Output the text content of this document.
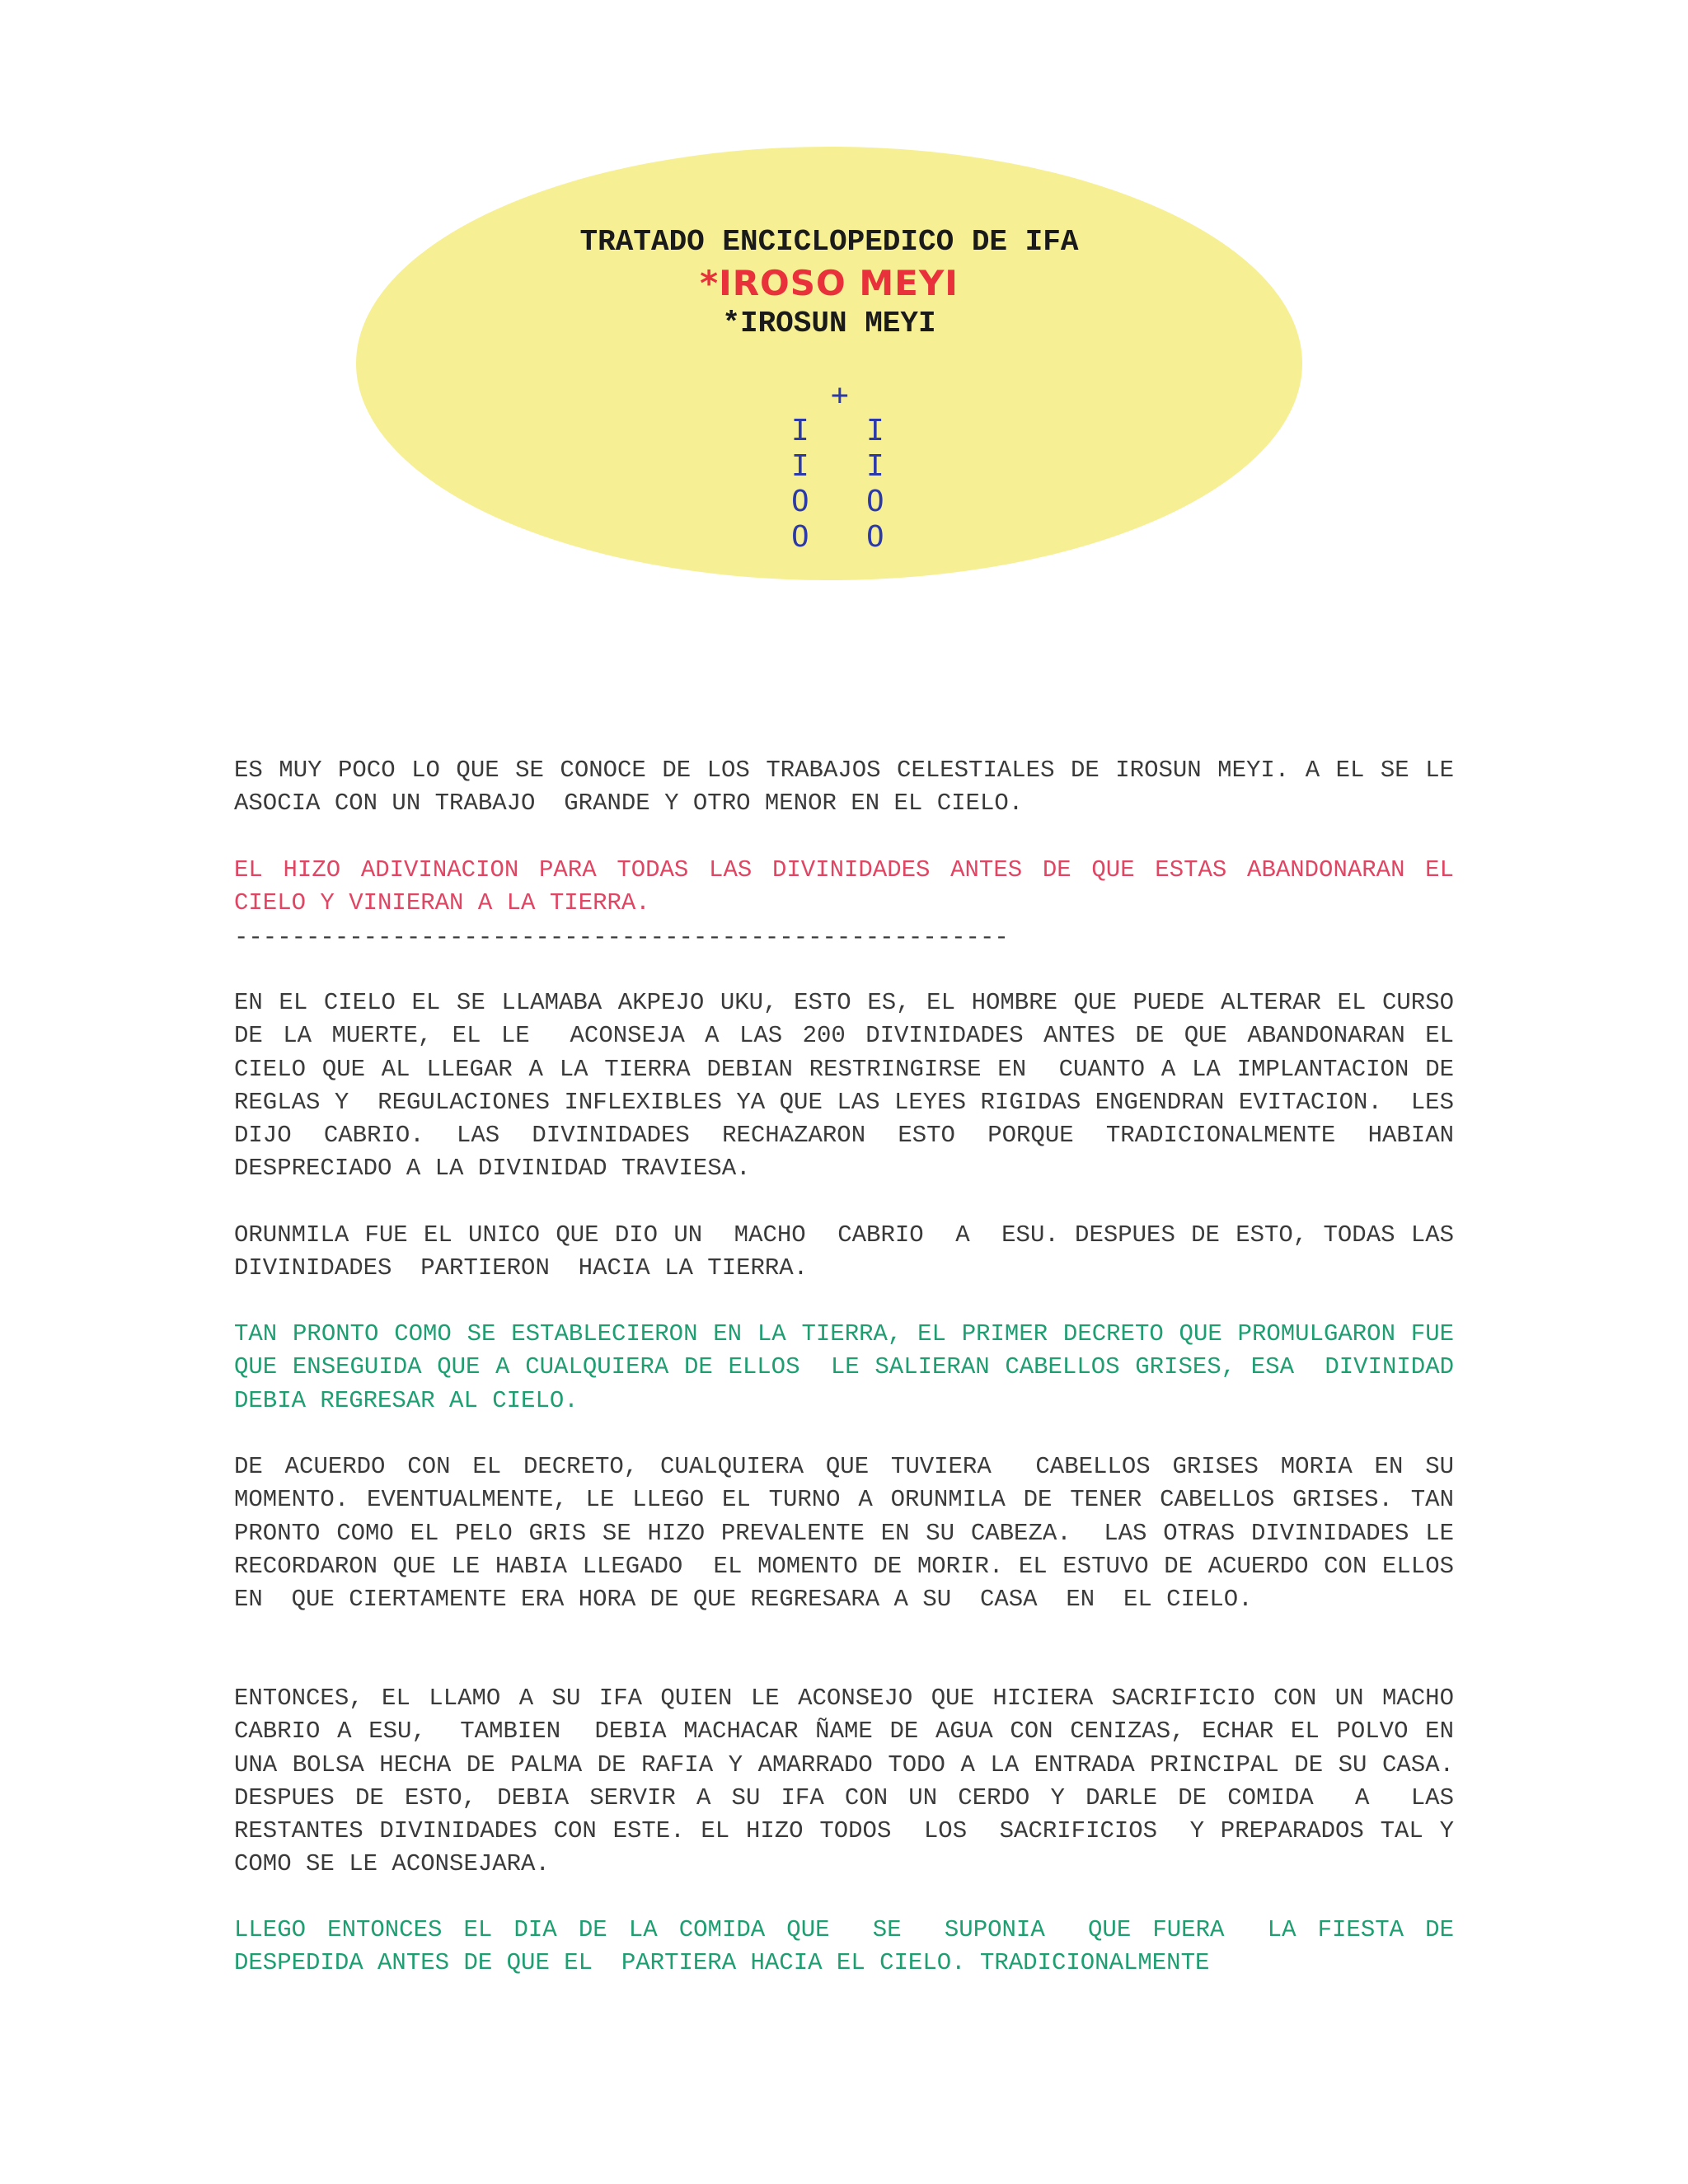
TRATADO ENCICLOPEDICO DE IFA

*IROSO MEYI

*IROSUN MEYI

+
I
I
O
O
I
I
O
O

ES MUY POCO LO QUE SE CONOCE DE LOS TRABAJOS CELESTIALES DE IROSUN MEYI. A EL SE LE ASOCIA CON UN TRABAJO  GRANDE Y OTRO MENOR EN EL CIELO.

EL HIZO ADIVINACION PARA TODAS LAS DIVINIDADES ANTES DE QUE ESTAS ABANDONARAN EL CIELO Y VINIERAN A LA TIERRA.

------------------------------------------------------

EN EL CIELO EL SE LLAMABA AKPEJO UKU, ESTO ES, EL HOMBRE QUE PUEDE ALTERAR EL CURSO DE LA MUERTE, EL LE  ACONSEJA A LAS 200 DIVINIDADES ANTES DE QUE ABANDONARAN EL  CIELO QUE AL LLEGAR A LA TIERRA DEBIAN RESTRINGIRSE EN  CUANTO A LA IMPLANTACION DE REGLAS Y  REGULACIONES INFLEXIBLES YA QUE LAS LEYES RIGIDAS ENGENDRAN EVITACION.  LES  DIJO CABRIO. LAS DIVINIDADES RECHAZARON ESTO PORQUE TRADICIONALMENTE HABIAN DESPRECIADO A LA DIVINIDAD TRAVIESA.

ORUNMILA FUE EL UNICO QUE DIO UN  MACHO  CABRIO  A  ESU. DESPUES DE ESTO, TODAS LAS DIVINIDADES  PARTIERON  HACIA LA TIERRA.

TAN PRONTO COMO SE ESTABLECIERON EN LA TIERRA, EL PRIMER DECRETO QUE PROMULGARON FUE QUE ENSEGUIDA QUE A CUALQUIERA DE ELLOS  LE SALIERAN CABELLOS GRISES, ESA  DIVINIDAD DEBIA REGRESAR AL CIELO.

DE ACUERDO CON EL DECRETO, CUALQUIERA QUE TUVIERA  CABELLOS GRISES MORIA EN SU MOMENTO. EVENTUALMENTE, LE LLEGO EL TURNO A ORUNMILA DE TENER CABELLOS GRISES. TAN PRONTO COMO EL PELO GRIS SE HIZO PREVALENTE EN SU CABEZA.  LAS OTRAS DIVINIDADES LE RECORDARON QUE LE HABIA LLEGADO  EL MOMENTO DE MORIR. EL ESTUVO DE ACUERDO CON ELLOS EN  QUE CIERTAMENTE ERA HORA DE QUE REGRESARA A SU  CASA  EN  EL CIELO.

ENTONCES, EL LLAMO A SU IFA QUIEN LE ACONSEJO QUE HICIERA SACRIFICIO CON UN MACHO CABRIO A ESU,  TAMBIEN  DEBIA MACHACAR ÑAME DE AGUA CON CENIZAS, ECHAR EL POLVO EN UNA BOLSA HECHA DE PALMA DE RAFIA Y AMARRADO TODO A LA ENTRADA PRINCIPAL DE SU CASA. DESPUES DE ESTO, DEBIA SERVIR A SU IFA CON UN CERDO Y DARLE DE COMIDA  A  LAS  RESTANTES DIVINIDADES CON ESTE. EL HIZO TODOS  LOS  SACRIFICIOS  Y PREPARADOS TAL Y COMO SE LE ACONSEJARA.

LLEGO ENTONCES EL DIA DE LA COMIDA QUE  SE  SUPONIA  QUE FUERA  LA FIESTA DE DESPEDIDA ANTES DE QUE EL  PARTIERA HACIA EL CIELO. TRADICIONALMENTE
